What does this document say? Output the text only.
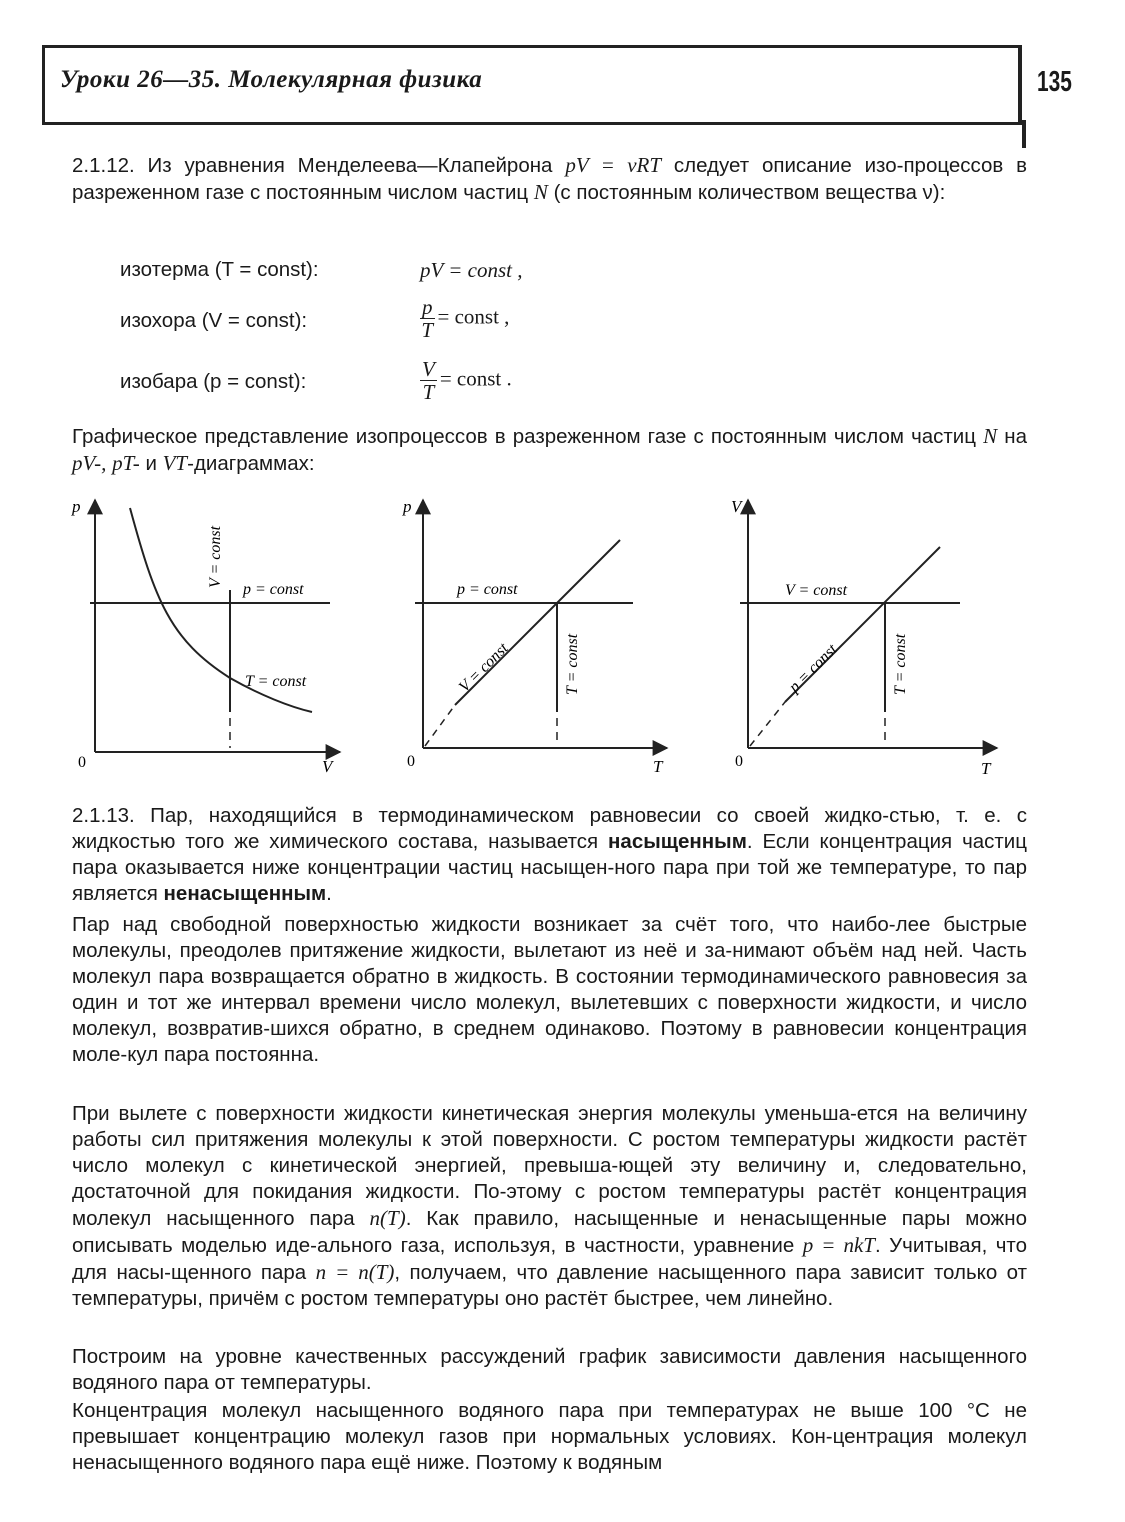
Уроки 26—35. Молекулярная физика	135
2.1.12. Из уравнения Менделеева—Клапейрона pV = νRT следует описание изо-процессов в разреженном газе с постоянным числом частиц N (с постоянным количеством вещества ν):
изотерма (T = const):	pV = const ,
изохора (V = const):	$\frac{p}{T}$ = const ,
изобара (p = const):	$\frac{V}{T}$ = const .
Графическое представление изопроцессов в разреженном газе с постоянным числом частиц N на pV-, pT- и VT-диаграммах:
p
V
0
V = const
p = const
T = const
p
T
0
p = const
V = const	T = const
V
T
0
V = const
p = const	T = const
2.1.13. Пар, находящийся в термодинамическом равновесии со своей жидко-стью, т. е. с жидкостью того же химического состава, называется насыщенным. Если концентрация частиц пара оказывается ниже концентрации частиц насыщен-ного пара при той же температуре, то пар является ненасыщенным.
Пар над свободной поверхностью жидкости возникает за счёт того, что наибо-лее быстрые молекулы, преодолев притяжение жидкости, вылетают из неё и за-нимают объём над ней. Часть молекул пара возвращается обратно в жидкость. В состоянии термодинамического равновесия за один и тот же интервал времени число молекул, вылетевших с поверхности жидкости, и число молекул, возвратив-шихся обратно, в среднем одинаково. Поэтому в равновесии концентрация моле-кул пара постоянна.
При вылете с поверхности жидкости кинетическая энергия молекулы уменьша-ется на величину работы сил притяжения молекулы к этой поверхности. С ростом температуры жидкости растёт число молекул с кинетической энергией, превыша-ющей эту величину и, следовательно, достаточной для покидания жидкости. По-этому с ростом температуры растёт концентрация молекул насыщенного пара n(T). Как правило, насыщенные и ненасыщенные пары можно описывать моделью иде-ального газа, используя, в частности, уравнение p = nkT. Учитывая, что для насы-щенного пара n = n(T), получаем, что давление насыщенного пара зависит только от температуры, причём с ростом температуры оно растёт быстрее, чем линейно.
Построим на уровне качественных рассуждений график зависимости давления насыщенного водяного пара от температуры.
Концентрация молекул насыщенного водяного пара при температурах не выше 100 °С не превышает концентрацию молекул газов при нормальных условиях. Кон-центрация молекул ненасыщенного водяного пара ещё ниже. Поэтому к водяным
